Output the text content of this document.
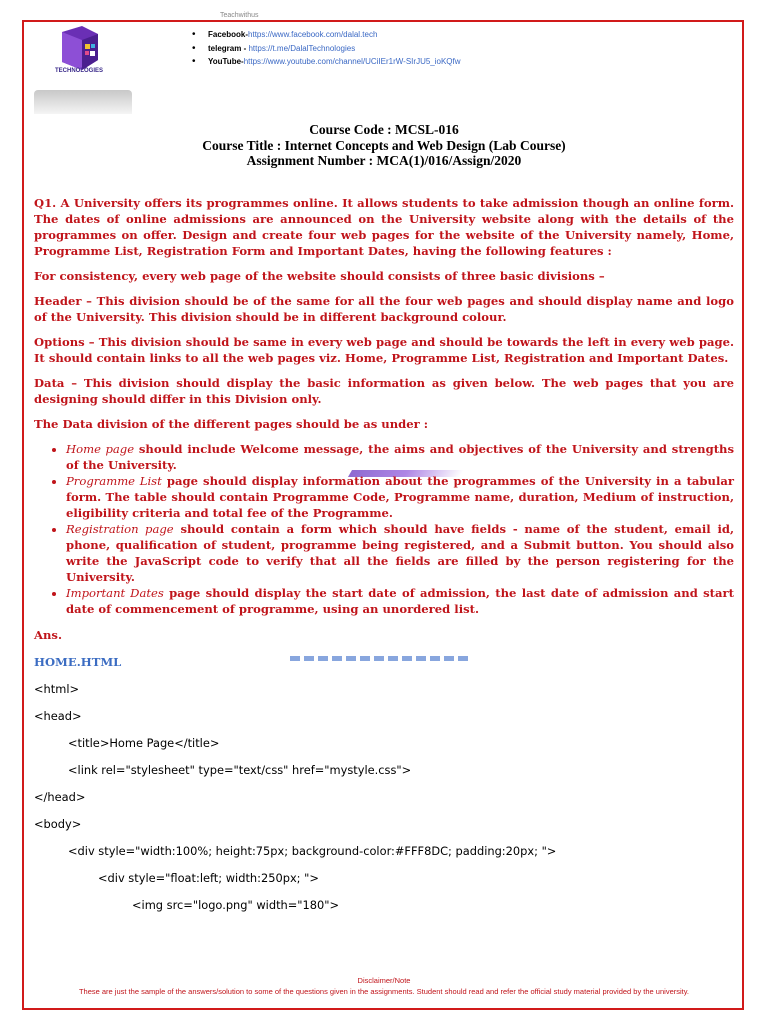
Teachwithus
TECHNOLOGIES
• Facebook-https://www.facebook.com/dalal.tech
• telegram - https://t.me/DalalTechnologies
• YouTube-https://www.youtube.com/channel/UCiIEr1rW-SIrJU5_ioKQfw
Course Code : MCSL-016
Course Title : Internet Concepts and Web Design (Lab Course)
Assignment Number : MCA(1)/016/Assign/2020

Q1. A University offers its programmes online. It allows students to take admission though an online form. The dates of online admissions are announced on the University website along with the details of the programmes on offer. Design and create four web pages for the website of the University namely, Home, Programme List, Registration Form and Important Dates, having the following features :

For consistency, every web page of the website should consists of three basic divisions –

Header – This division should be of the same for all the four web pages and should display name and logo of the University. This division should be in different background colour.

Options – This division should be same in every web page and should be towards the left in every web page. It should contain links to all the web pages viz. Home, Programme List, Registration and Important Dates.

Data – This division should display the basic information as given below. The web pages that you are designing should differ in this Division only.

The Data division of the different pages should be as under :

• Home page should include Welcome message, the aims and objectives of the University and strengths of the University.
• Programme List page should display information about the programmes of the University in a tabular form. The table should contain Programme Code, Programme name, duration, Medium of instruction, eligibility criteria and total fee of the Programme.
• Registration page should contain a form which should have fields - name of the student, email id, phone, qualification of student, programme being registered, and a Submit button. You should also write the JavaScript code to verify that all the fields are filled by the person registering for the University.
• Important Dates page should display the start date of admission, the last date of admission and start date of commencement of programme, using an unordered list.
Ans.
HOME.HTML
<html>
<head>
<title>Home Page</title>
<link rel="stylesheet" type="text/css" href="mystyle.css">
</head>
<body>
<div style="width:100%; height:75px; background-color:#FFF8DC; padding:20px; ">
<div style="float:left; width:250px; ">
<img src="logo.png" width="180">
Disclaimer/Note
These are just the sample of the answers/solution to some of the questions given in the assignments. Student should read and refer the official study material provided by the university.
